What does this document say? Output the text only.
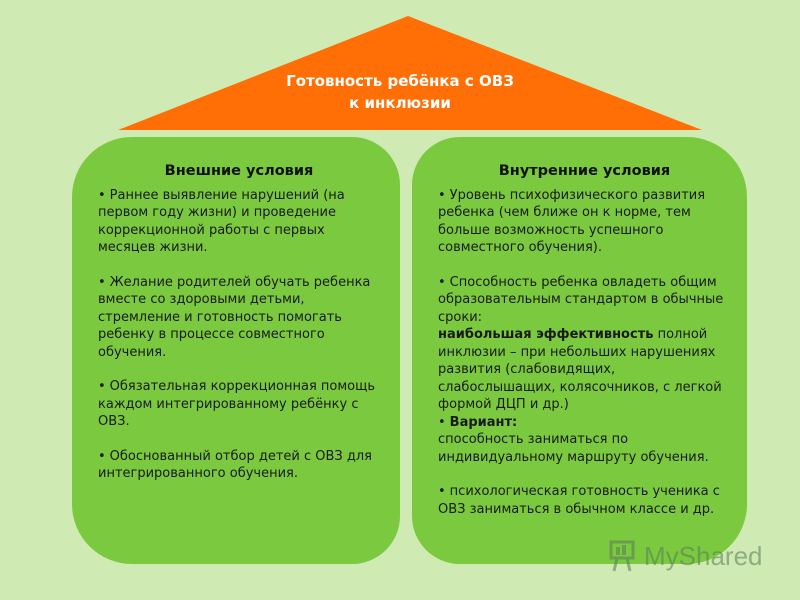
Готовность ребёнка с ОВЗ
к инклюзии
Внешние условия
• Раннее выявление нарушений (на первом году жизни) и проведение коррекционной работы с первых месяцев жизни.
• Желание родителей обучать ребенка вместе со здоровыми детьми, стремление и готовность помогать ребенку в процессе совместного обучения.
• Обязательная коррекционная помощь каждом интегрированному ребёнку с ОВЗ.
• Обоснованный отбор детей с ОВЗ для интегрированного обучения.
Внутренние условия
• Уровень психофизического развития ребенка (чем ближе он к норме, тем больше возможность успешного совместного обучения).
• Способность ребенка овладеть общим образовательным стандартом в обычные сроки:
наибольшая эффективность полной инклюзии – при небольших нарушениях развития (слабовидящих, слабослышащих, колясочников, с легкой формой ДЦП и др.)
• Вариант:
способность заниматься по индивидуальному маршруту обучения.
• психологическая готовность ученика с ОВЗ заниматься в обычном классе и др.
MyShared
